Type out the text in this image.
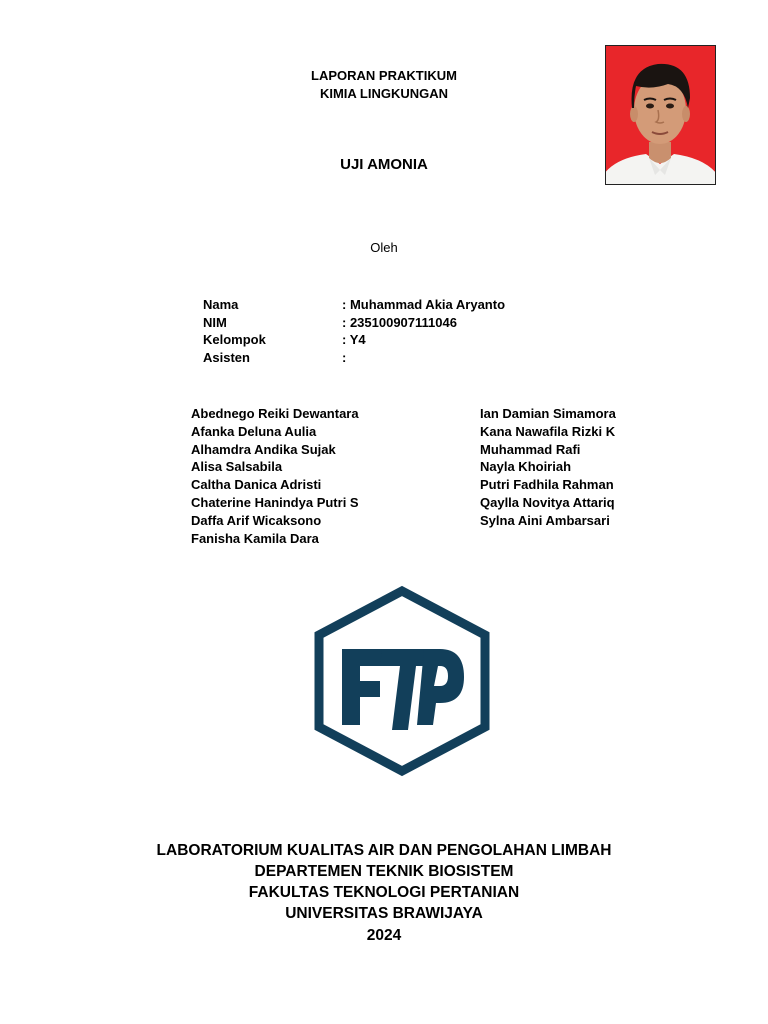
LAPORAN PRAKTIKUM
KIMIA LINGKUNGAN
UJI AMONIA
Oleh
Nama	: Muhammad Akia Aryanto
NIM	: 235100907111046
Kelompok	: Y4
Asisten	:
Abednego Reiki Dewantara
Afanka Deluna Aulia
Alhamdra Andika Sujak
Alisa Salsabila
Caltha Danica Adristi
Chaterine Hanindya Putri S
Daffa Arif Wicaksono
Fanisha Kamila Dara
Ian Damian Simamora
Kana Nawafila Rizki K
Muhammad Rafi
Nayla Khoiriah
Putri Fadhila Rahman
Qaylla Novitya Attariq
Sylna Aini Ambarsari
LABORATORIUM KUALITAS AIR DAN PENGOLAHAN LIMBAH
DEPARTEMEN TEKNIK BIOSISTEM
FAKULTAS TEKNOLOGI PERTANIAN
UNIVERSITAS BRAWIJAYA
2024
